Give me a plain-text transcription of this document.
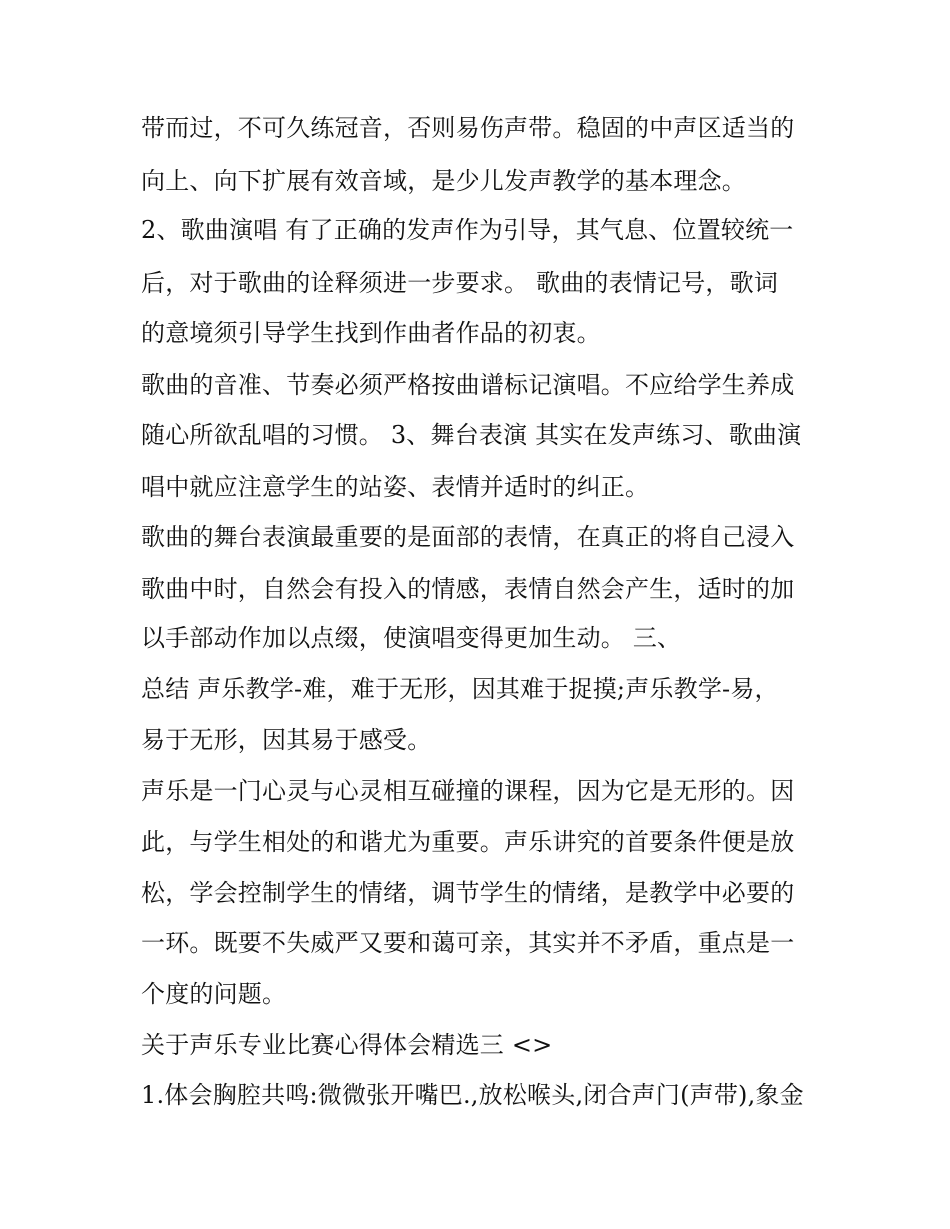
带而过，不可久练冠音，否则易伤声带。稳固的中声区适当的
向上、向下扩展有效音域，是少儿发声教学的基本理念。
2、歌曲演唱 有了正确的发声作为引导，其气息、位置较统一
后，对于歌曲的诠释须进一步要求。 歌曲的表情记号，歌词
的意境须引导学生找到作曲者作品的初衷。
歌曲的音准、节奏必须严格按曲谱标记演唱。不应给学生养成
随心所欲乱唱的习惯。 3、舞台表演 其实在发声练习、歌曲演
唱中就应注意学生的站姿、表情并适时的纠正。
歌曲的舞台表演最重要的是面部的表情，在真正的将自己浸入
歌曲中时，自然会有投入的情感，表情自然会产生，适时的加
以手部动作加以点缀，使演唱变得更加生动。 三、
总结 声乐教学-难，难于无形，因其难于捉摸;声乐教学-易，
易于无形，因其易于感受。
声乐是一门心灵与心灵相互碰撞的课程，因为它是无形的。因
此，与学生相处的和谐尤为重要。声乐讲究的首要条件便是放
松，学会控制学生的情绪，调节学生的情绪，是教学中必要的
一环。既要不失威严又要和蔼可亲，其实并不矛盾，重点是一
个度的问题。
关于声乐专业比赛心得体会精选三 <>
1.体会胸腔共鸣:微微张开嘴巴.,放松喉头,闭合声门(声带),象金
